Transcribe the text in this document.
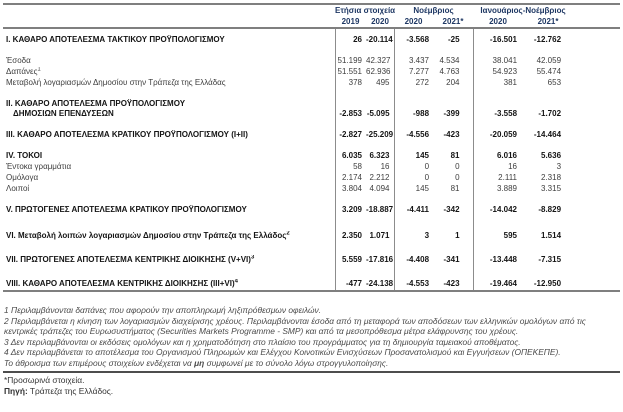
	Ετήσια στοιχεία		Νοέμβριος		Ιανουάριος-Νοέμβριος		
	2019	2020	2020	2021*	2020	2021*	

Ι. ΚΑΘΑΡΟ ΑΠΟΤΕΛΕΣΜΑ ΤΑΚΤΙΚΟΥ ΠΡΟΫΠΟΛΟΓΙΣΜΟΥ	26	-20.114	-3.568	-25	-16.501	-12.762	

Έσοδα	51.199	42.327	3.437	4.534	38.041	42.059	
Δαπάνες$^1$	51.551	62.936	7.277	4.763	54.923	55.474	
Μεταβολή λογαριασμών Δημοσίου στην Τράπεζα της Ελλάδας	378	495	272	204	381	653	

ΙΙ. ΚΑΘΑΡΟ ΑΠΟΤΕΛΕΣΜΑ ΠΡΟΫΠΟΛΟΓΙΣΜΟΥ
ΔΗΜΟΣΙΩΝ ΕΠΕΝΔΥΣΕΩΝ	-2.853	-5.095	-988	-399	-3.558	-1.702	

ΙΙΙ. ΚΑΘΑΡΟ ΑΠΟΤΕΛΕΣΜΑ ΚΡΑΤΙΚΟΥ ΠΡΟΫΠΟΛΟΓΙΣΜΟΥ (Ι+ΙΙ)	-2.827	-25.209	-4.556	-423	-20.059	-14.464	

IV. ΤΟΚΟΙ	6.035	6.323	145	81	6.016	5.636	
Έντοκα γραμμάτια	58	16	0	0	16	3	
Ομόλογα	2.174	2.212	0	0	2.111	2.318	
Λοιποί	3.804	4.094	145	81	3.889	3.315	

V. ΠΡΩΤΟΓΕΝΕΣ ΑΠΟΤΕΛΕΣΜΑ ΚΡΑΤΙΚΟΥ ΠΡΟΫΠΟΛΟΓΙΣΜΟΥ	3.209	-18.887	-4.411	-342	-14.042	-8.829	

VI. Μεταβολή λοιπών λογαριασμών Δημοσίου στην Τράπεζα της Ελλάδος$^2$	2.350	1.071	3	1	595	1.514	

VII. ΠΡΩΤΟΓΕΝΕΣ ΑΠΟΤΕΛΕΣΜΑ ΚΕΝΤΡΙΚΗΣ ΔΙΟΙΚΗΣΗΣ (V+VI)$^3$	5.559	-17.816	-4.408	-341	-13.448	-7.315	

VIII. ΚΑΘΑΡΟ ΑΠΟΤΕΛΕΣΜΑ ΚΕΝΤΡΙΚΗΣ ΔΙΟΙΚΗΣΗΣ (III+VI)$^4$	-477	-24.138	-4.553	-423	-19.464	-12.950	

1 Περιλαμβάνονται δαπάνες που αφορούν την αποπληρωμή ληξιπρόθεσμων οφειλών.

2 Περιλαμβάνεται η κίνηση των λογαριασμών διαχείρισης χρέους. Περιλαμβάνονται έσοδα από τη μεταφορά των αποδόσεων των ελληνικών ομολόγων από τις κεντρικές τράπεζες του Ευρωσυστήματος (Securities Markets Programme - SMP) και από τα μεσοπρόθεσμα μέτρα ελάφρυνσης του χρέους.

3 Δεν περιλαμβάνονται οι εκδόσεις ομολόγων και η χρηματοδότηση στο πλαίσιο του προγράμματος για τη δημιουργία ταμειακού αποθέματος.

4 Δεν περιλαμβάνεται το αποτέλεσμα του Οργανισμού Πληρωμών και Ελέγχου Κοινοτικών Ενισχύσεων Προσανατολισμού και Εγγυήσεων (ΟΠΕΚΕΠΕ).

Το άθροισμα των επιμέρους στοιχείων ενδέχεται να μη συμφωνεί με το σύνολο λόγω στρογγυλοποίησης.

*Προσωρινά στοιχεία.
Πηγή: Τράπεζα της Ελλάδος.
